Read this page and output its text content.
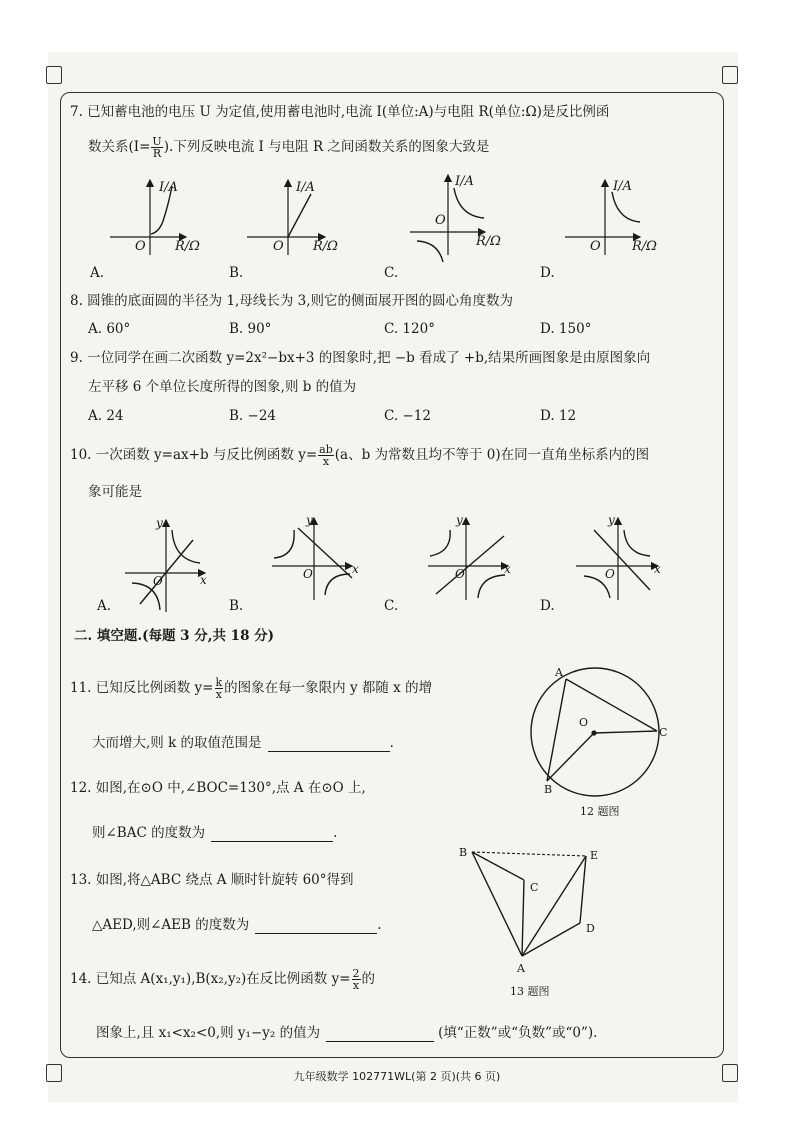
7. 已知蓄电池的电压 U 为定值,使用蓄电池时,电流 I(单位:A)与电阻 R(单位:Ω)是反比例函
数关系($I= \frac{U}{R}$ ).下列反映电流 I 与电阻 R 之间函数关系的图象大致是
I/A
R/Ω
O
I/A
R/Ω
O
I/A
R/Ω
O
I/A
R/Ω
O
A.	B.	C.	D.
8. 圆锥的底面圆的半径为 1,母线长为 3,则它的侧面展开图的圆心角度数为
A. 60°	B. 90°	C. 120°	D. 150°
9. 一位同学在画二次函数 y=2x²−bx+3 的图象时,把 −b 看成了 +b,结果所画图象是由原图象向
左平移 6 个单位长度所得的图象,则 b 的值为
A. 24	B. −24	C. −12	D. 12
10. 一次函数 y=ax+b 与反比例函数 $y= \frac{ab}{x} (a$、b 为常数且均不等于 0)在同一直角坐标系内的图
象可能是
y
x
O
y
x
O
y
x
O
y
x
O
A.	B.	C.	D.
二. 填空题.(每题 3 分,共 18 分)
11. 已知反比例函数 $y= \frac{k}{x}$ 的图象在每一象限内 y 都随 x 的增
大而增大,则 k 的取值范围是	.
12. 如图,在⊙O 中,∠BOC=130°,点 A 在⊙O 上,
则∠BAC 的度数为	.
A
O
C
B
12 题图
13. 如图,将△ABC 绕点 A 顺时针旋转 60°得到
△AED,则∠AEB 的度数为	.
B	E
C
D
A
13 题图
14. 已知点 A(x₁,y₁),B(x₂,y₂)在反比例函数 $y= \frac{2}{x}$ 的
图象上,且 x₁<x₂<0,则 y₁−y₂ 的值为	(填“正数”或“负数”或“0”).
九年级数学 102771WL(第 2 页)(共 6 页)
